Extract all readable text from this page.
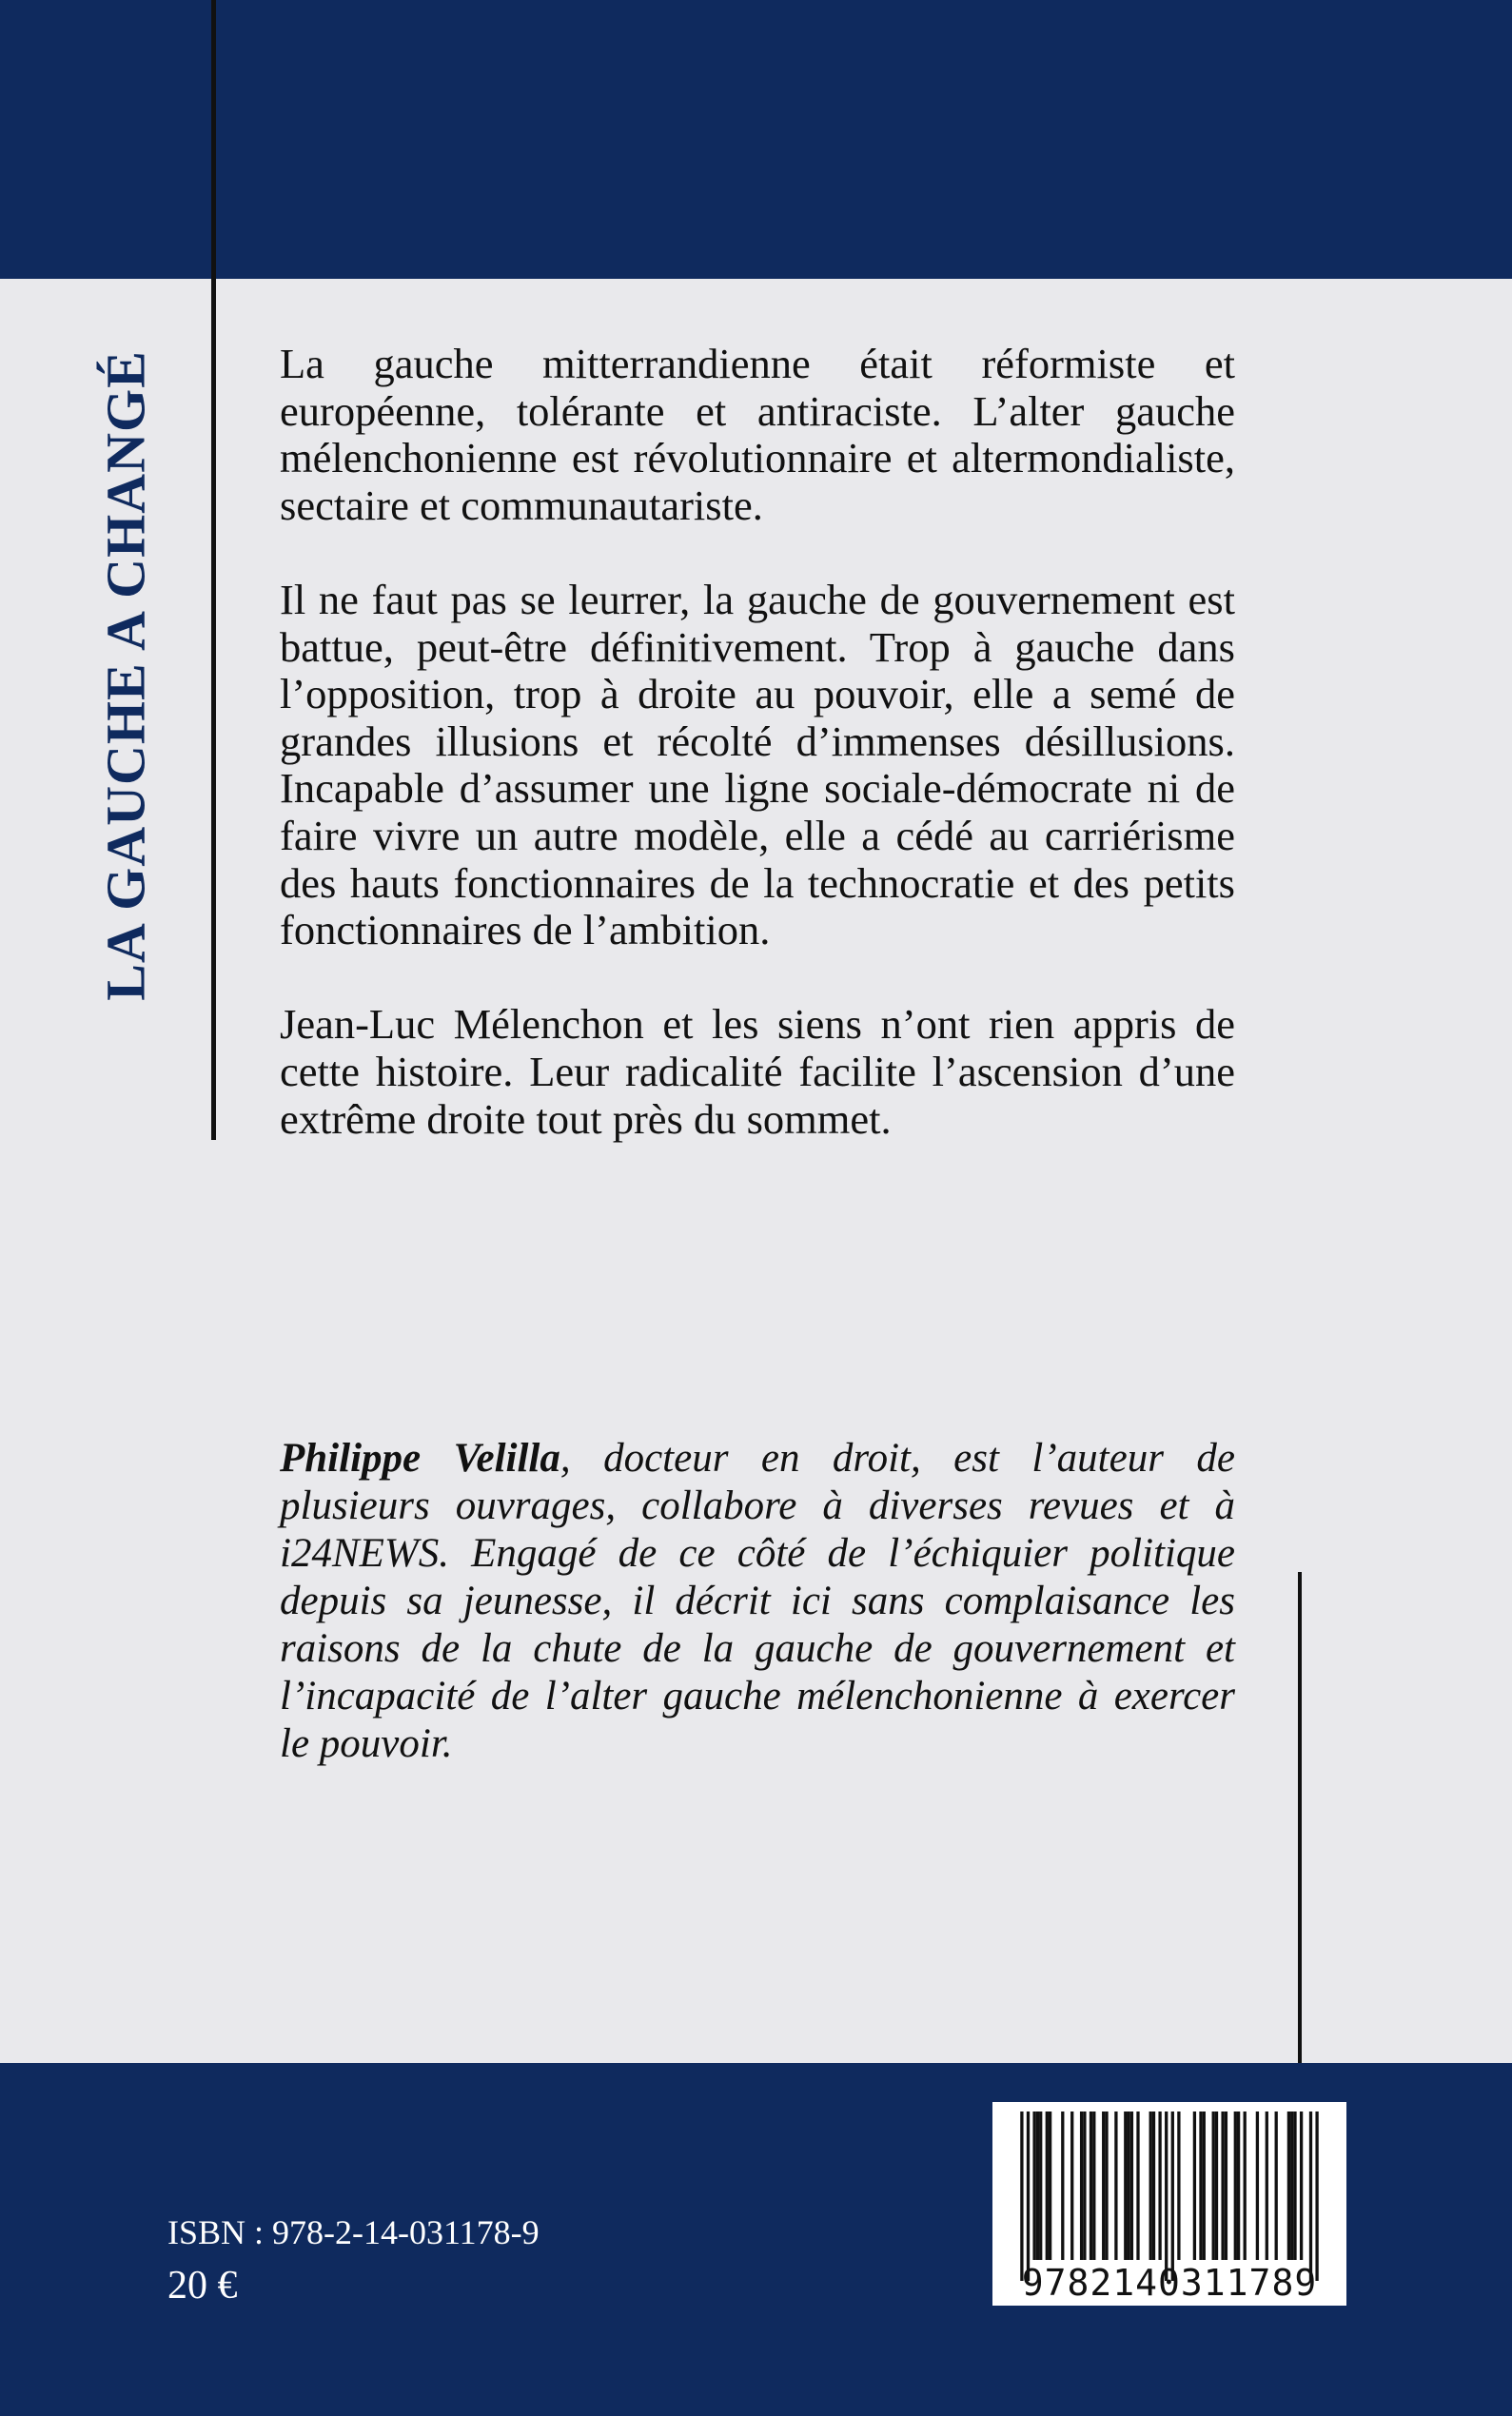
LA GAUCHE A CHANGÉ	La gauche mitterrandienne était réformiste et européenne, tolérante et antiraciste. L’alter gauche mélenchonienne est révolutionnaire et altermondialiste, sectaire et communautariste.

Il ne faut pas se leurrer, la gauche de gouvernement est battue, peut-être définitivement. Trop à gauche dans l’opposition, trop à droite au pouvoir, elle a semé de grandes illusions et récolté d’immenses désillusions. Incapable d’assumer une ligne sociale-démocrate ni de faire vivre un autre modèle, elle a cédé au carriérisme des hauts fonctionnaires de la technocratie et des petits fonctionnaires de l’ambition.

Jean-Luc Mélenchon et les siens n’ont rien appris de cette histoire. Leur radicalité facilite l’ascension d’une extrême droite tout près du sommet.

Philippe Velilla, docteur en droit, est l’auteur de plusieurs ouvrages, collabore à diverses revues et à i24NEWS. Engagé de ce côté de l’échiquier politique depuis sa jeunesse, il décrit ici sans complaisance les raisons de la chute de la gauche de gouvernement et l’incapacité de l’alter gauche mélenchonienne à exercer le pouvoir.

ISBN : 978-2-14-031178-9
20 €	9782140311789
